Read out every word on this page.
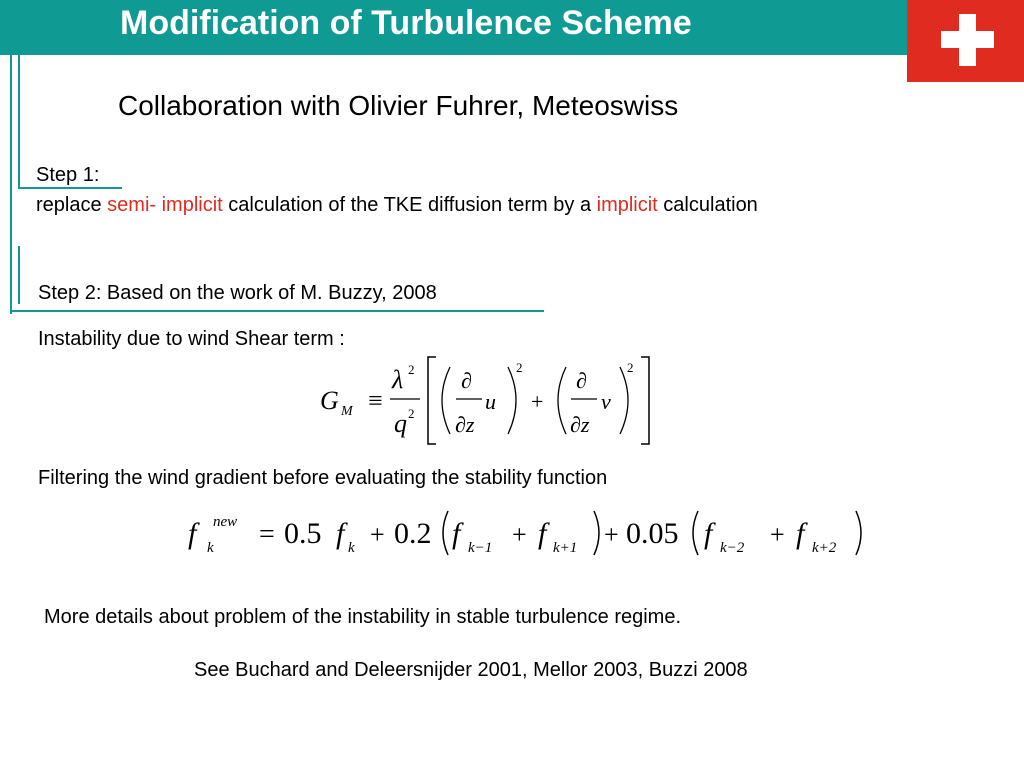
Modification of Turbulence Scheme
Collaboration with Olivier Fuhrer, Meteoswiss
Step 1:
replace semi- implicit calculation of the TKE diffusion term by a implicit calculation
Step 2: Based on the work of M. Buzzy, 2008
Instability due to wind Shear term :
G M ≡
λ 2
q 2
∂
∂z
u
2
+
∂
∂z
v
2
Filtering the wind gradient before evaluating the stability function
f new
k = 0.5 f k + 0.2 f k−1 + f k+1 + 0.05 f k−2 + f k+2
More details about problem of the instability in stable turbulence regime.
See Buchard and Deleersnijder 2001, Mellor 2003, Buzzi 2008
